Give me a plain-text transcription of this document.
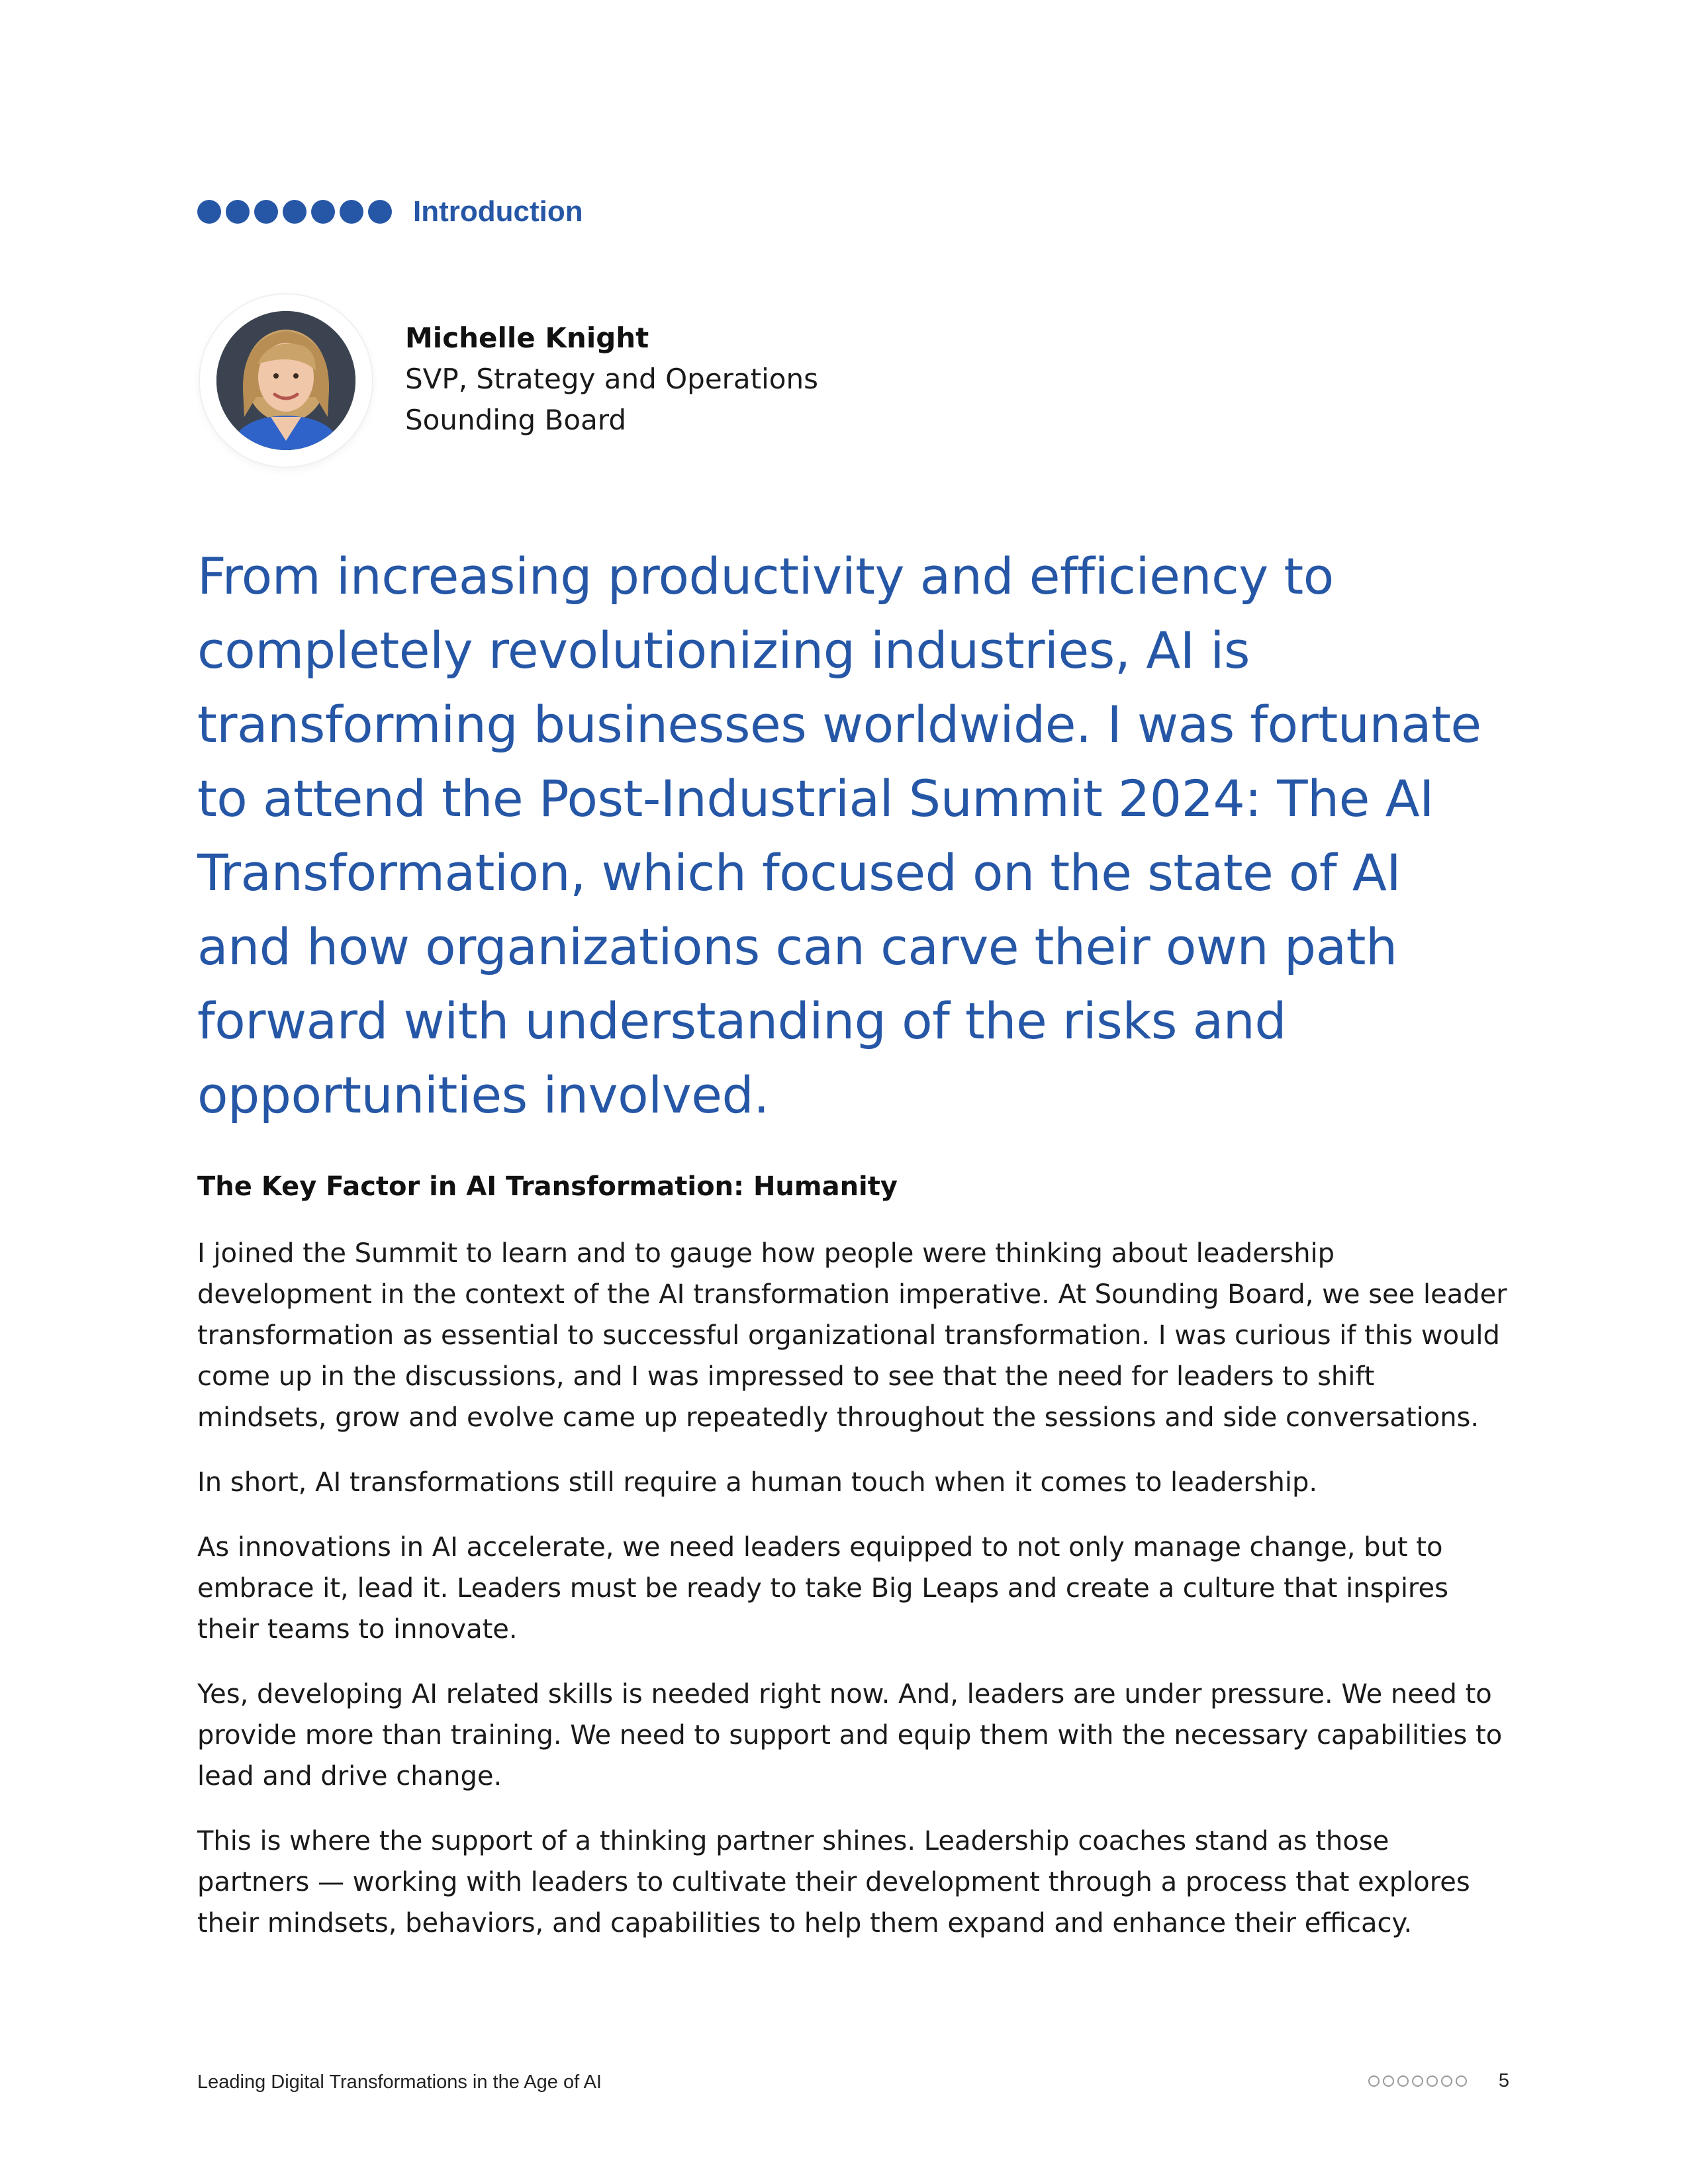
Introduction
Michelle Knight
SVP, Strategy and Operations
Sounding Board

From increasing productivity and efficiency to completely revolutionizing industries, AI is transforming businesses worldwide. I was fortunate to attend the Post-Industrial Summit 2024: The AI Transformation, which focused on the state of AI and how organizations can carve their own path forward with understanding of the risks and opportunities involved.

The Key Factor in AI Transformation: Humanity

I joined the Summit to learn and to gauge how people were thinking about leadership development in the context of the AI transformation imperative. At Sounding Board, we see leader transformation as essential to successful organizational transformation. I was curious if this would come up in the discussions, and I was impressed to see that the need for leaders to shift mindsets, grow and evolve came up repeatedly throughout the sessions and side conversations.

In short, AI transformations still require a human touch when it comes to leadership.

As innovations in AI accelerate, we need leaders equipped to not only manage change, but to embrace it, lead it. Leaders must be ready to take Big Leaps and create a culture that inspires their teams to innovate.

Yes, developing AI related skills is needed right now. And, leaders are under pressure. We need to provide more than training. We need to support and equip them with the necessary capabilities to lead and drive change.

This is where the support of a thinking partner shines. Leadership coaches stand as those partners — working with leaders to cultivate their development through a process that explores their mindsets, behaviors, and capabilities to help them expand and enhance their efficacy.

Leading Digital Transformations in the Age of AI	5
